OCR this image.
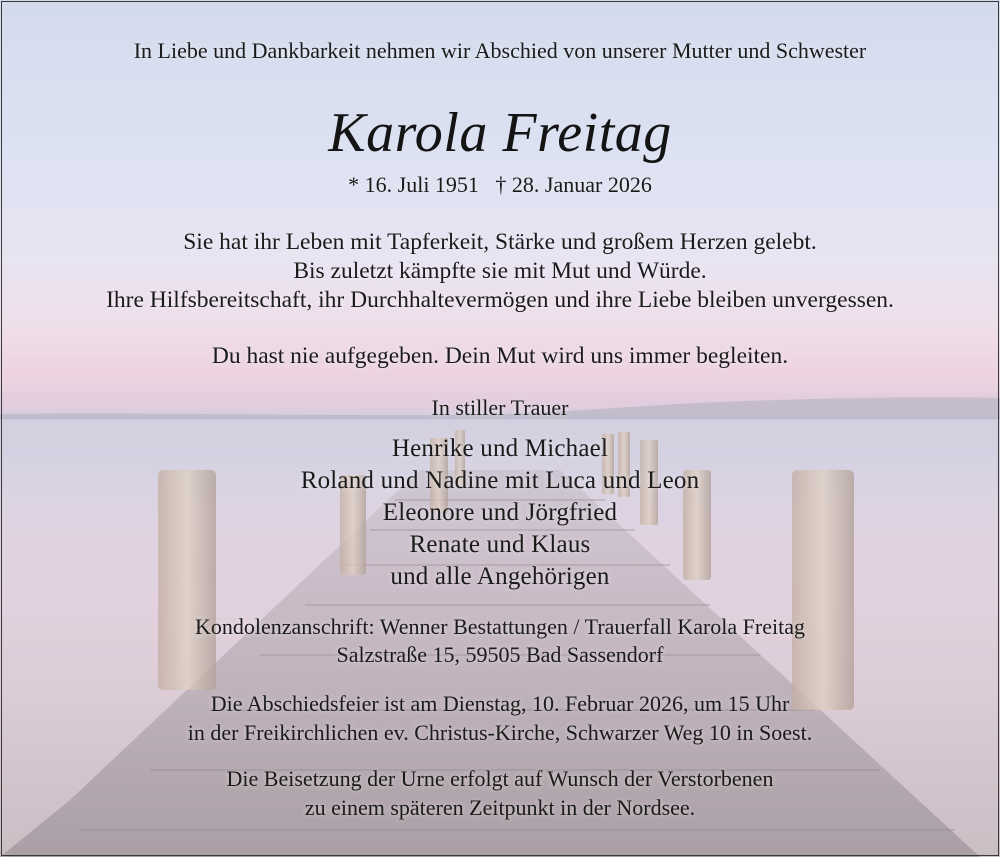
In Liebe und Dankbarkeit nehmen wir Abschied von unserer Mutter und Schwester
Karola Freitag
* 16. Juli 1951   † 28. Januar 2026
Sie hat ihr Leben mit Tapferkeit, Stärke und großem Herzen gelebt.
Bis zuletzt kämpfte sie mit Mut und Würde.
Ihre Hilfsbereitschaft, ihr Durchhaltevermögen und ihre Liebe bleiben unvergessen.
Du hast nie aufgegeben. Dein Mut wird uns immer begleiten.
In stiller Trauer
Henrike und Michael
Roland und Nadine mit Luca und Leon
Eleonore und Jörgfried
Renate und Klaus
und alle Angehörigen
Kondolenzanschrift: Wenner Bestattungen / Trauerfall Karola Freitag
Salzstraße 15, 59505 Bad Sassendorf
Die Abschiedsfeier ist am Dienstag, 10. Februar 2026, um 15 Uhr
in der Freikirchlichen ev. Christus-Kirche, Schwarzer Weg 10 in Soest.
Die Beisetzung der Urne erfolgt auf Wunsch der Verstorbenen
zu einem späteren Zeitpunkt in der Nordsee.
